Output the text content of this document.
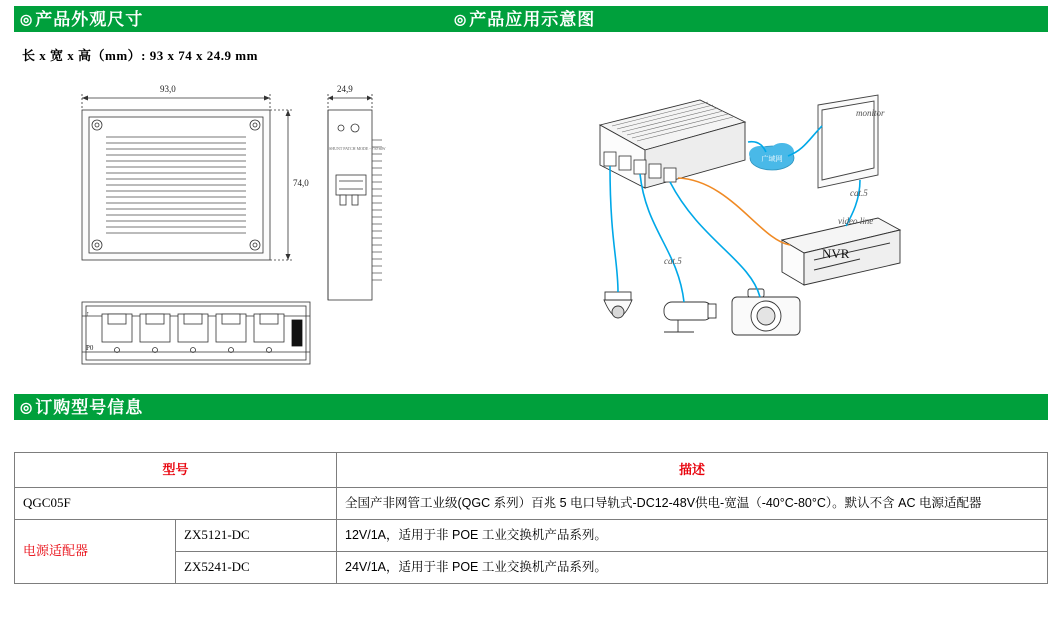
◎ 产品外观尺寸	◎ 产品应用示意图
长 x 宽 x 高（mm）: 93 x 74 x 24.9 mm
93,0
74,0
24,9
SHUNT PATCH MODE - 750 mW
P0
↑
广域网
monitor
cat.5
video line
NVR
cat.5
◎ 订购型号信息
型号		描述
QGC05F		全国产非网管工业级(QGC 系列）百兆 5 电口导轨式-DC12-48V供电-宽温（-40°C-80°C）。默认不含 AC 电源适配器
电源适配器	ZX5121-DC	12V/1A，适用于非 POE 工业交换机产品系列。
	ZX5241-DC	24V/1A，适用于非 POE 工业交换机产品系列。
